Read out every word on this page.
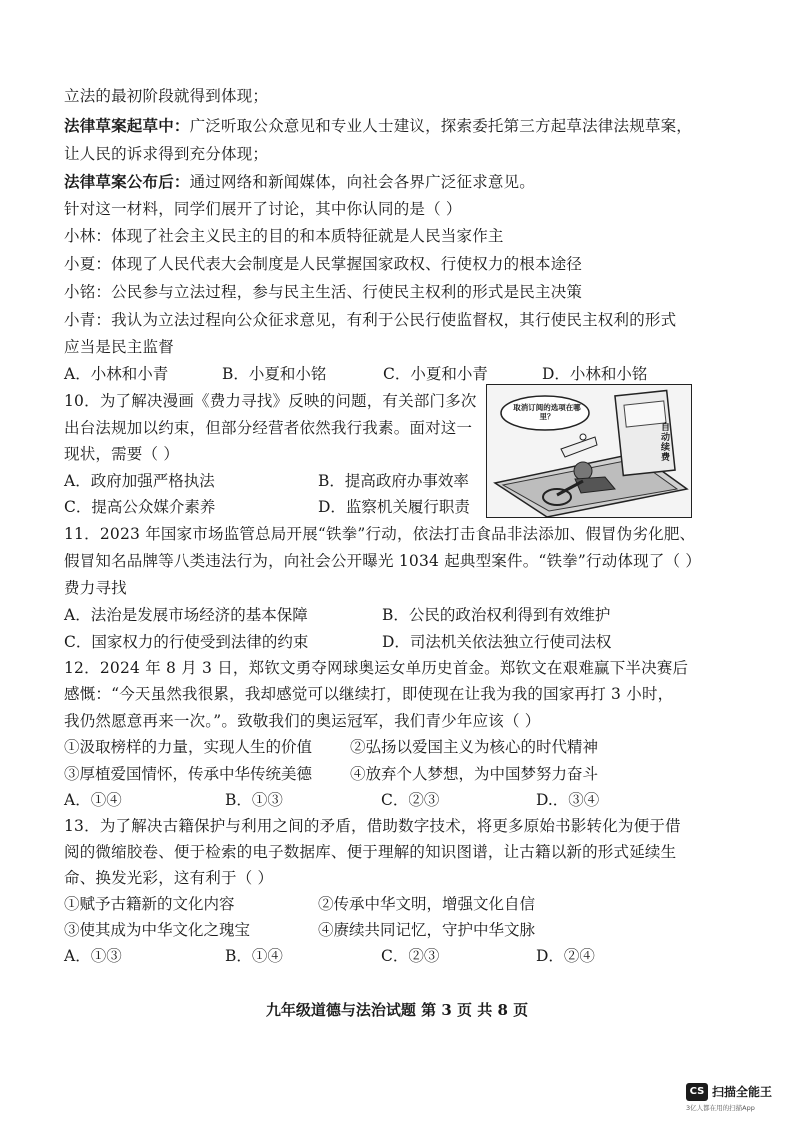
立法的最初阶段就得到体现；
法律草案起草中：广泛听取公众意见和专业人士建议，探索委托第三方起草法律法规草案，
让人民的诉求得到充分体现；
法律草案公布后：通过网络和新闻媒体，向社会各界广泛征求意见。
针对这一材料，同学们展开了讨论，其中你认同的是（ ）
小林：体现了社会主义民主的目的和本质特征就是人民当家作主
小夏：体现了人民代表大会制度是人民掌握国家政权、行使权力的根本途径
小铭：公民参与立法过程，参与民主生活、行使民主权利的形式是民主决策
小青：我认为立法过程向公众征求意见，有利于公民行使监督权，其行使民主权利的形式
应当是民主监督
A．小林和小青	B．小夏和小铭	C．小夏和小青	D．小林和小铭
10．为了解决漫画《费力寻找》反映的问题，有关部门多次
出台法规加以约束，但部分经营者依然我行我素。面对这一
现状，需要（ ）
取消订阅的选项在哪里？
自动续费
A．政府加强严格执法	B．提高政府办事效率
C．提高公众媒介素养	D．监察机关履行职责
11．2023 年国家市场监管总局开展“铁拳”行动，依法打击食品非法添加、假冒伪劣化肥、
假冒知名品牌等八类违法行为，向社会公开曝光 1034 起典型案件。“铁拳”行动体现了（ ）
费力寻找
A．法治是发展市场经济的基本保障	B．公民的政治权利得到有效维护
C．国家权力的行使受到法律的约束	D．司法机关依法独立行使司法权
12．2024 年 8 月 3 日，郑钦文勇夺网球奥运女单历史首金。郑钦文在艰难赢下半决赛后
感慨：“今天虽然我很累，我却感觉可以继续打，即使现在让我为我的国家再打 3 小时，
我仍然愿意再来一次。”。致敬我们的奥运冠军，我们青少年应该（ ）
①汲取榜样的力量，实现人生的价值 ②弘扬以爱国主义为核心的时代精神
③厚植爱国情怀，传承中华传统美德 ④放弃个人梦想，为中国梦努力奋斗
A．①④	B．①③	C．②③	D.．③④
13．为了解决古籍保护与利用之间的矛盾，借助数字技术，将更多原始书影转化为便于借
阅的微缩胶卷、便于检索的电子数据库、便于理解的知识图谱，让古籍以新的形式延续生
命、换发光彩，这有利于（ ）
①赋予古籍新的文化内容	②传承中华文明，增强文化自信
③使其成为中华文化之瑰宝	④赓续共同记忆，守护中华文脉
A．①③	B．①④	C．②③	D．②④
九年级道德与法治试题 第 3 页 共 8 页
CS 扫描全能王
3亿人都在用的扫描App
